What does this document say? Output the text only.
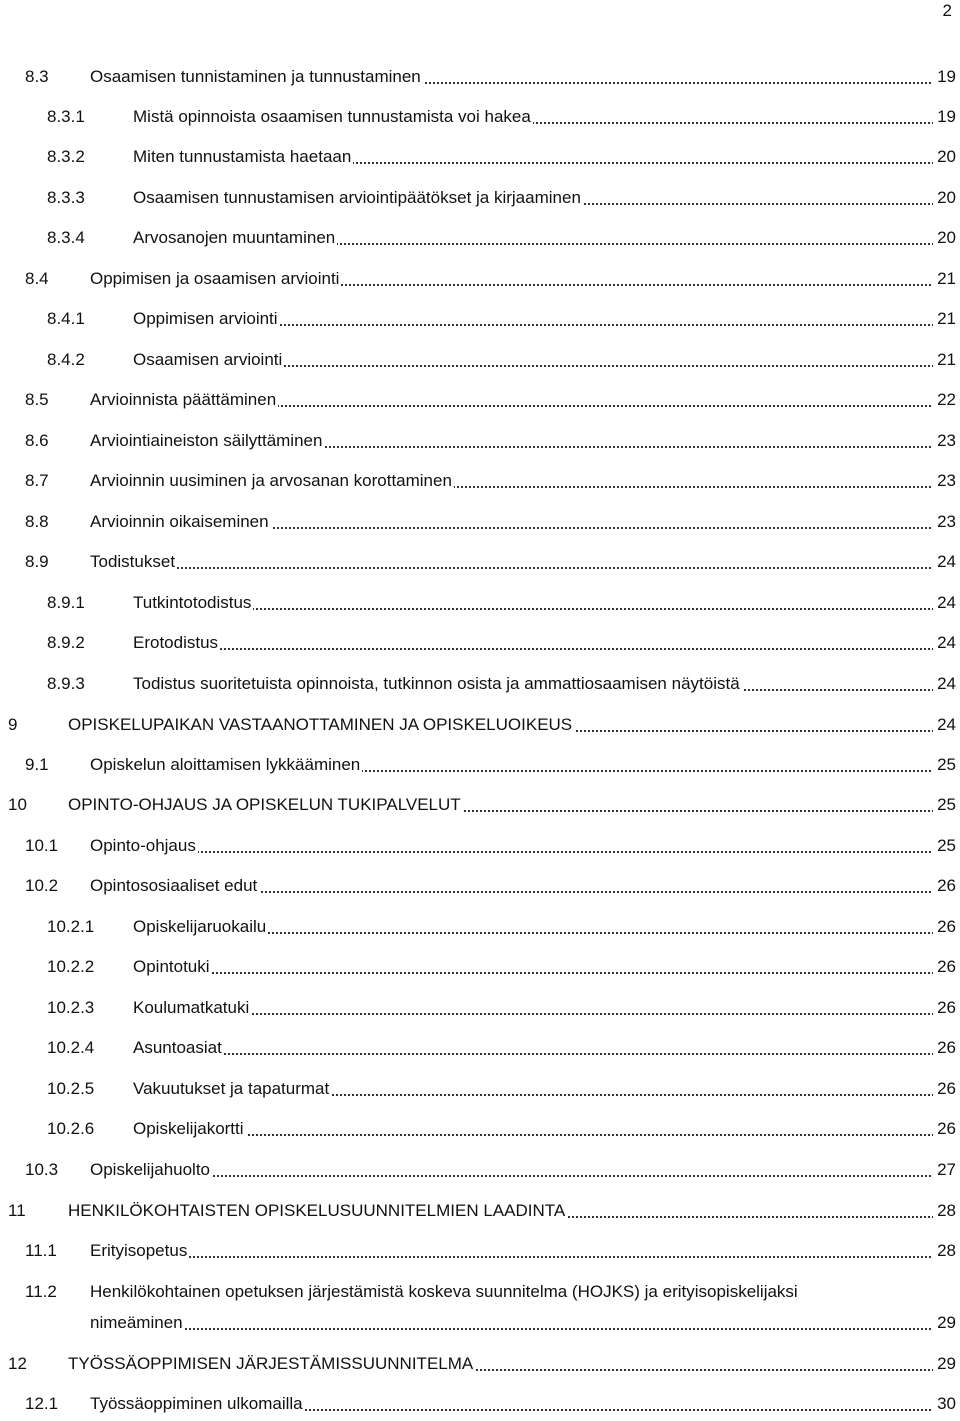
2
8.3 Osaamisen tunnistaminen ja tunnustaminen	19
8.3.1	Mistä opinnoista osaamisen tunnustamista voi hakea	19
8.3.2	Miten tunnustamista haetaan	20
8.3.3	Osaamisen tunnustamisen arviointipäätökset ja kirjaaminen	20
8.3.4	Arvosanojen muuntaminen	20
8.4 Oppimisen ja osaamisen arviointi	21
8.4.1	Oppimisen arviointi	21
8.4.2	Osaamisen arviointi	21
8.5 Arvioinnista päättäminen	22
8.6 Arviointiaineiston säilyttäminen	23
8.7 Arvioinnin uusiminen ja arvosanan korottaminen	23
8.8 Arvioinnin oikaiseminen	23
8.9 Todistukset	24
8.9.1	Tutkintotodistus	24
8.9.2	Erotodistus	24
8.9.3	Todistus suoritetuista opinnoista, tutkinnon osista ja ammattiosaamisen näytöistä	24
9	OPISKELUPAIKAN VASTAANOTTAMINEN JA OPISKELUOIKEUS	24
9.1 Opiskelun aloittamisen lykkääminen	25
10 OPINTO-OHJAUS JA OPISKELUN TUKIPALVELUT	25
10.1 Opinto-ohjaus	25
10.2 Opintososiaaliset edut	26
10.2.1 Opiskelijaruokailu	26
10.2.2 Opintotuki	26
10.2.3 Koulumatkatuki	26
10.2.4 Asuntoasiat	26
10.2.5 Vakuutukset ja tapaturmat	26
10.2.6 Opiskelijakortti	26
10.3 Opiskelijahuolto	27
11 HENKILÖKOHTAISTEN OPISKELUSUUNNITELMIEN LAADINTA	28
11.1 Erityisopetus	28
11.2 Henkilökohtainen opetuksen järjestämistä koskeva suunnitelma (HOJKS) ja erityisopiskelijaksi
nimeäminen	29
12 TYÖSSÄOPPIMISEN JÄRJESTÄMISSUUNNITELMA	29
12.1 Työssäoppiminen ulkomailla	30
